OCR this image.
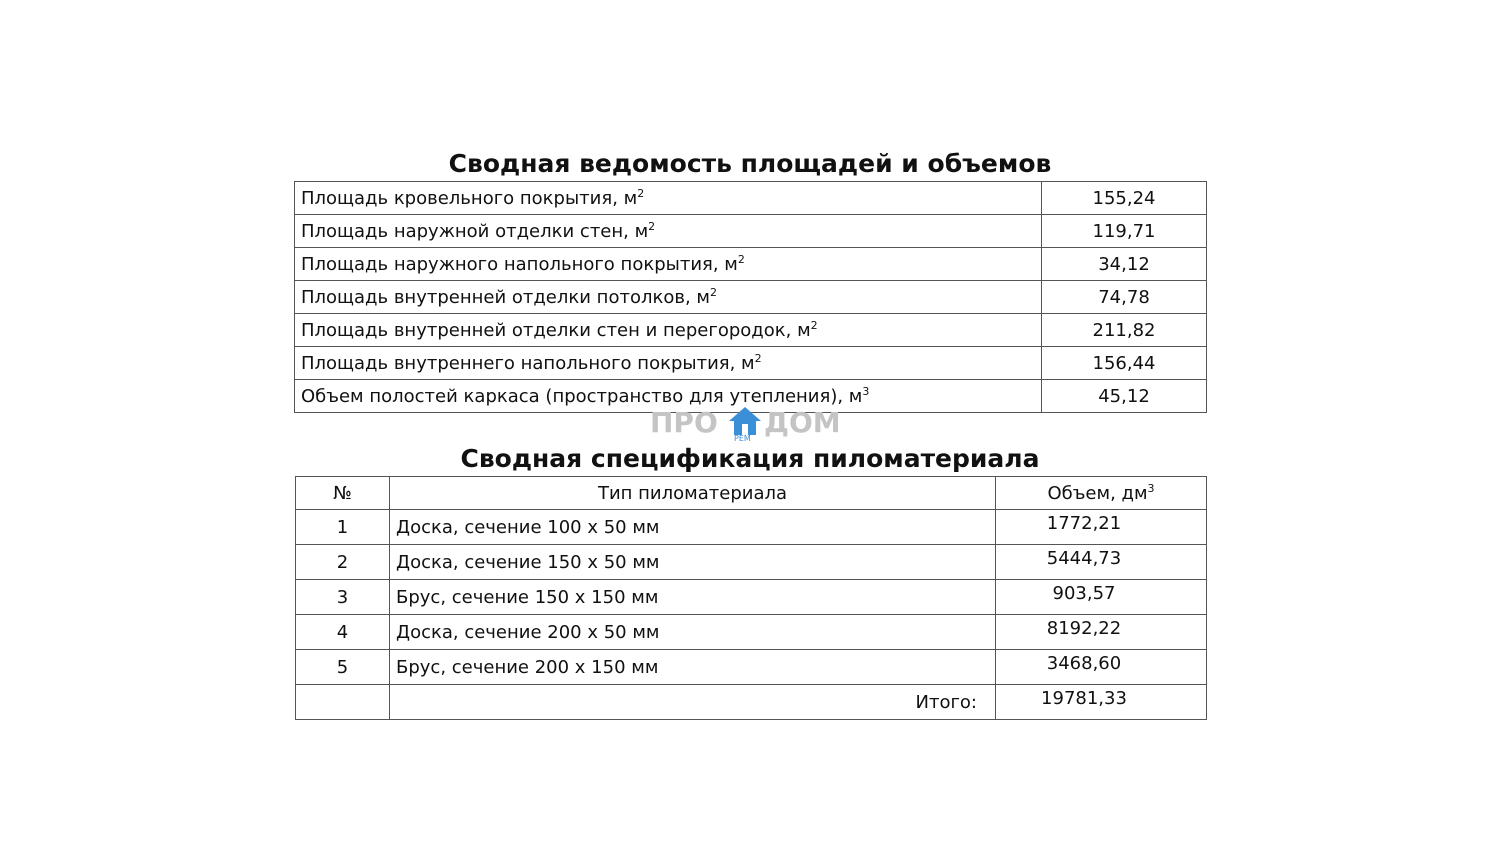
Сводная ведомость площадей и объемов
Площадь кровельного покрытия, $м^2$	155,24
Площадь наружной отделки стен, $м^2$	119,71
Площадь наружного напольного покрытия, $м^2$	34,12
Площадь внутренней отделки потолков, $м^2$	74,78
Площадь внутренней отделки стен и перегородок, $м^2$	211,82
Площадь внутреннего напольного покрытия, $м^2$	156,44
Объем полостей каркаса (пространство для утепления), $м^3$	45,12
ПРО РЕМ ДОМ
Сводная спецификация пиломатериала
№	Тип пиломатериала	Объем, $дм^3$
1	Доска, сечение 100 х 50 мм	1772,21
2	Доска, сечение 150 х 50 мм	5444,73
3	Брус, сечение 150 х 150 мм	903,57
4	Доска, сечение 200 х 50 мм	8192,22
5	Брус, сечение 200 х 150 мм	3468,60
	Итого:	19781,33
